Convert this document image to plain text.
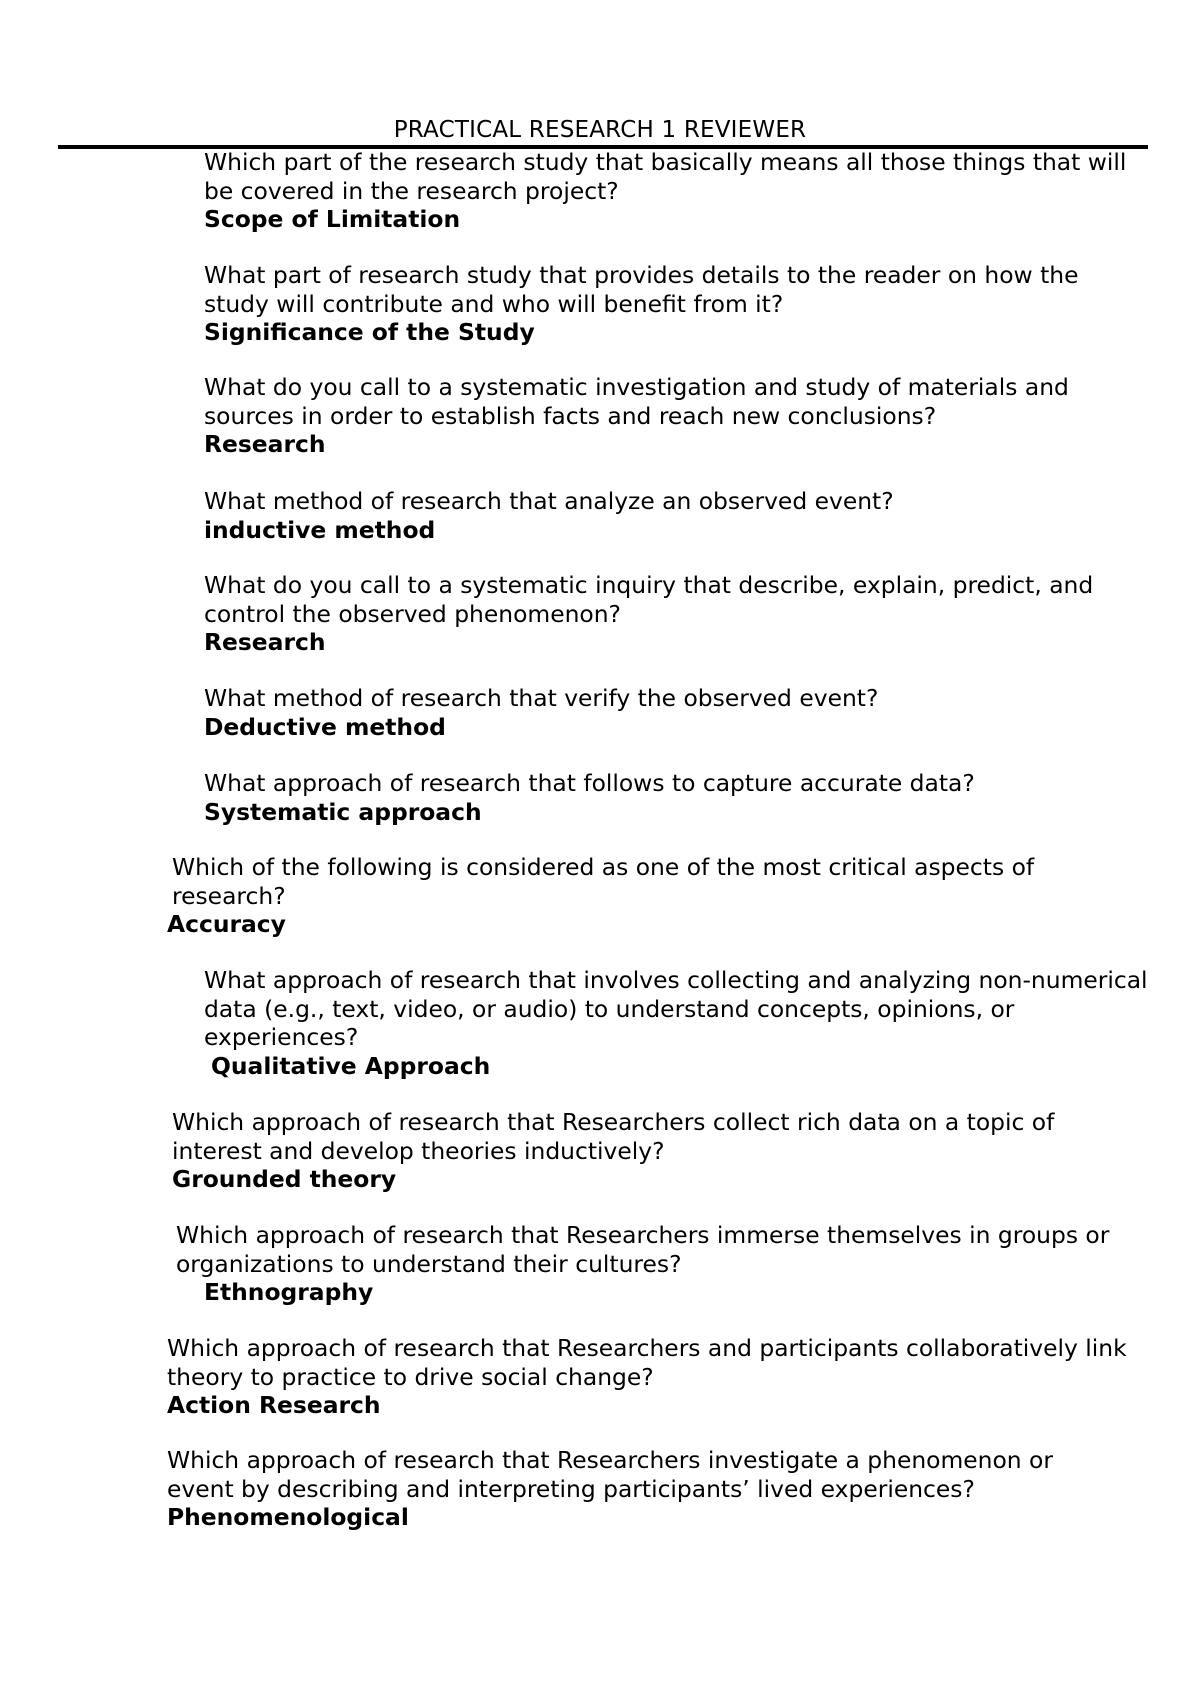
PRACTICAL RESEARCH 1 REVIEWER

Which part of the research study that basically means all those things that will be covered in the research project?

Scope of Limitation

What part of research study that provides details to the reader on how the study will contribute and who will benefit from it?

Significance of the Study

What do you call to a systematic investigation and study of materials and sources in order to establish facts and reach new conclusions?

Research

What method of research that analyze an observed event?

inductive method

What do you call to a systematic inquiry that describe, explain, predict, and control the observed phenomenon?

Research

What method of research that verify the observed event?

Deductive method

What approach of research that follows to capture accurate data?

Systematic approach

Which of the following is considered as one of the most critical aspects of research?

Accuracy

What approach of research that involves collecting and analyzing non-numerical data (e.g., text, video, or audio) to understand concepts, opinions, or experiences?

Qualitative Approach

Which approach of research that Researchers collect rich data on a topic of interest and develop theories inductively?

Grounded theory

Which approach of research that Researchers immerse themselves in groups or organizations to understand their cultures?

Ethnography

Which approach of research that Researchers and participants collaboratively link theory to practice to drive social change?

Action Research

Which approach of research that Researchers investigate a phenomenon or event by describing and interpreting participants’ lived experiences?

Phenomenological
